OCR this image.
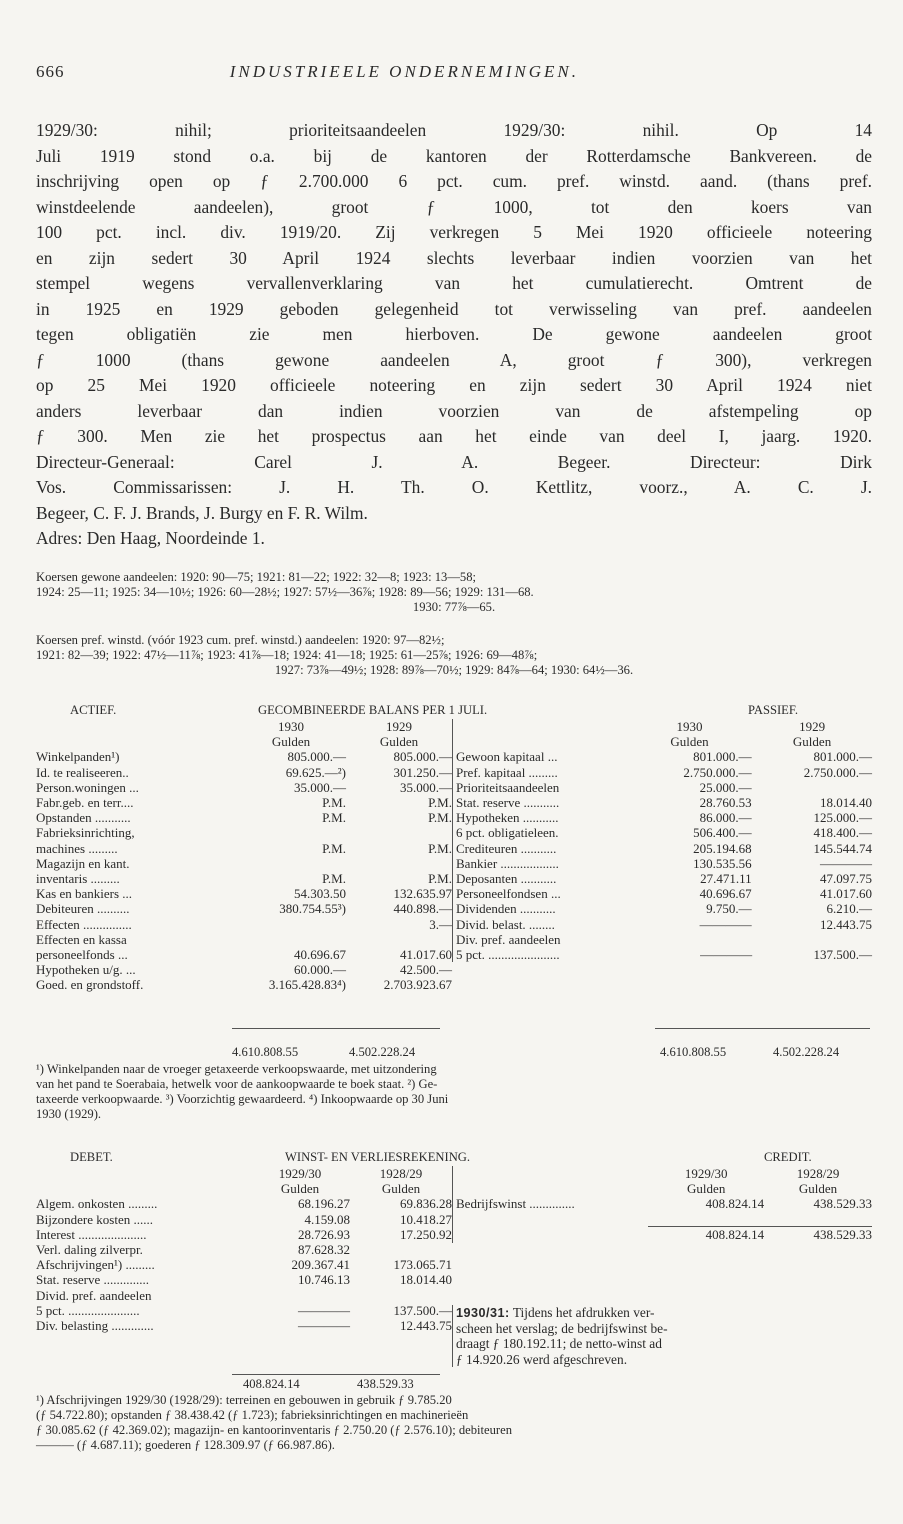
666	INDUSTRIEELE ONDERNEMINGEN.
1929/30: nihil; prioriteitsaandeelen 1929/30: nihil. Op 14
Juli 1919 stond o.a. bij de kantoren der Rotterdamsche Bankvereen. de
inschrijving open op ƒ 2.700.000 6 pct. cum. pref. winstd. aand. (thans pref.
winstdeelende aandeelen), groot ƒ 1000, tot den koers van
100 pct. incl. div. 1919/20. Zij verkregen 5 Mei 1920 officieele noteering
en zijn sedert 30 April 1924 slechts leverbaar indien voorzien van het
stempel wegens vervallenverklaring van het cumulatierecht. Omtrent de
in 1925 en 1929 geboden gelegenheid tot verwisseling van pref. aandeelen
tegen obligatiën zie men hierboven. De gewone aandeelen groot
ƒ 1000 (thans gewone aandeelen A, groot ƒ 300), verkregen
op 25 Mei 1920 officieele noteering en zijn sedert 30 April 1924 niet
anders leverbaar dan indien voorzien van de afstempeling op
ƒ 300. Men zie het prospectus aan het einde van deel I, jaarg. 1920.
Directeur-Generaal: Carel J. A. Begeer. Directeur: Dirk
Vos. Commissarissen: J. H. Th. O. Kettlitz, voorz., A. C. J.
Begeer, C. F. J. Brands, J. Burgy en F. R. Wilm.
Adres: Den Haag, Noordeinde 1.
Koersen gewone aandeelen: 1920: 90—75; 1921: 81—22; 1922: 32—8; 1923: 13—58;
1924: 25—11; 1925: 34—10½; 1926: 60—28½; 1927: 57½—36⅞; 1928: 89—56; 1929: 131—68.
1930: 77⅞—65.
Koersen pref. winstd. (vóór 1923 cum. pref. winstd.) aandeelen: 1920: 97—82½;
1921: 82—39; 1922: 47½—11⅞; 1923: 41⅞—18; 1924: 41—18; 1925: 61—25⅞; 1926: 69—48⅞;
1927: 73⅞—49½; 1928: 89⅞—70½; 1929: 84⅞—64; 1930: 64½—36.
ACTIEF.	GECOMBINEERDE BALANS PER 1 JULI.	PASSIEF.
	1930	1929
	Gulden	Gulden
Winkelpanden¹)	805.000.—	805.000.—
Id. te realiseeren..	69.625.—²)	301.250.—
Person.woningen ...	35.000.—	35.000.—
Fabr.geb. en terr....	P.M.	P.M.
Opstanden ...........	P.M.	P.M.
Fabrieksinrichting,		
machines .........	P.M.	P.M.
Magazijn en kant.		
inventaris .........	P.M.	P.M.
Kas en bankiers ...	54.303.50	132.635.97
Debiteuren ..........	380.754.55³)	440.898.—
Effecten ...............		3.—
Effecten en kassa		
personeelfonds ...	40.696.67	41.017.60
Hypotheken u/g. ...	60.000.—	42.500.—
Goed. en grondstoff.	3.165.428.83⁴)	2.703.923.67
	1930	1929
	Gulden	Gulden
Gewoon kapitaal ...	801.000.—	801.000.—
Pref. kapitaal .........	2.750.000.—	2.750.000.—
Prioriteitsaandeelen	25.000.—	
Stat. reserve ...........	28.760.53	18.014.40
Hypotheken ...........	86.000.—	125.000.—
6 pct. obligatieleen.	506.400.—	418.400.—
Crediteuren ...........	205.194.68	145.544.74
Bankier ..................	130.535.56	————
Deposanten ...........	27.471.11	47.097.75
Personeelfondsen ...	40.696.67	41.017.60
Dividenden ...........	9.750.—	6.210.—
Divid. belast. ........	————	12.443.75
Div. pref. aandeelen		
5 pct. ......................	————	137.500.—
4.610.808.55	4.502.228.24	4.610.808.55	4.502.228.24
¹) Winkelpanden naar de vroeger getaxeerde verkoopswaarde, met uitzondering
van het pand te Soerabaia, hetwelk voor de aankoopwaarde te boek staat. ²) Ge-
taxeerde verkoopwaarde. ³) Voorzichtig gewaardeerd. ⁴) Inkoopwaarde op 30 Juni
1930 (1929).
DEBET.	WINST- EN VERLIESREKENING.	CREDIT.
	1929/30	1928/29
	Gulden	Gulden
Algem. onkosten .........	68.196.27	69.836.28
Bijzondere kosten ......	4.159.08	10.418.27
Interest .....................	28.726.93	17.250.92
Verl. daling zilverpr.	87.628.32	
Afschrijvingen¹) .........	209.367.41	173.065.71
Stat. reserve ..............	10.746.13	18.014.40
Divid. pref. aandeelen		
5 pct. ......................	————	137.500.—
Div. belasting .............	————	12.443.75
	1929/30	1928/29
	Gulden	Gulden
Bedrijfswinst ..............	408.824.14	438.529.33

	408.824.14	438.529.33
1930/31: Tijdens het afdrukken ver-
scheen het verslag; de bedrijfswinst be-
draagt ƒ 180.192.11; de netto-winst ad
ƒ 14.920.26 werd afgeschreven.
408.824.14	438.529.33
¹) Afschrijvingen 1929/30 (1928/29): terreinen en gebouwen in gebruik ƒ 9.785.20
(ƒ 54.722.80); opstanden ƒ 38.438.42 (ƒ 1.723); fabrieksinrichtingen en machinerieën
ƒ 30.085.62 (ƒ 42.369.02); magazijn- en kantoorinventaris ƒ 2.750.20 (ƒ 2.576.10); debiteuren
——— (ƒ 4.687.11); goederen ƒ 128.309.97 (ƒ 66.987.86).
